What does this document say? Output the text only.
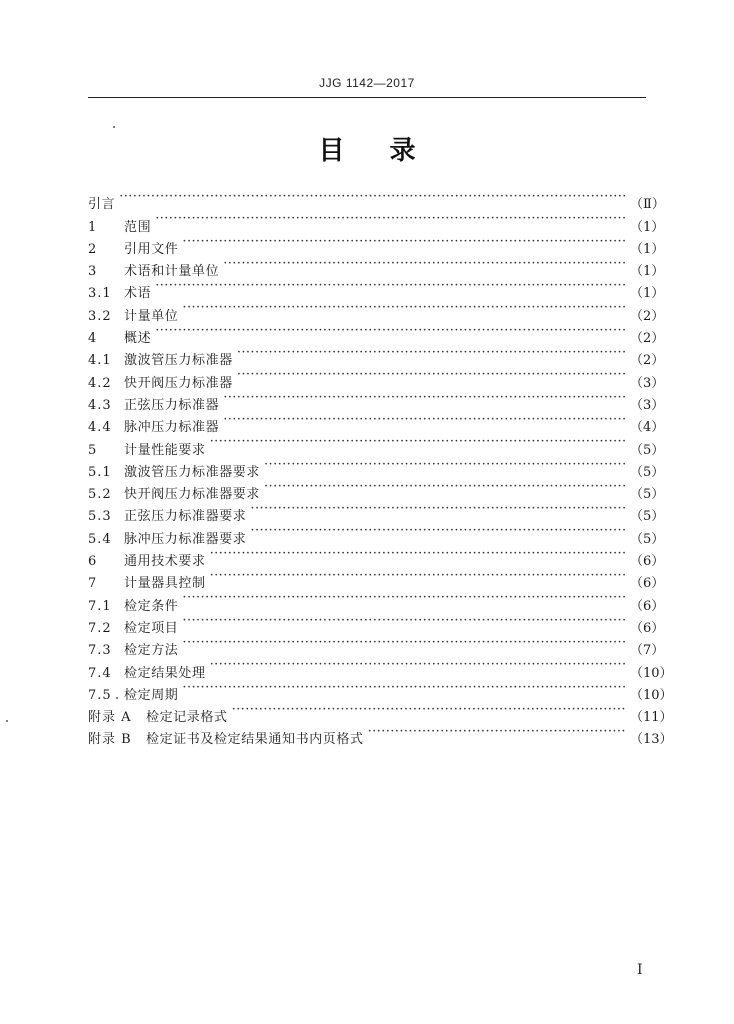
JJG 1142—2017
目 录
引言 ·····	（Ⅱ）
1	范围 ·····	（1）
2	引用文件 ·····	（1）
3	术语和计量单位 ·····	（1）
3.1 术语 ·····	（1）
3.2 计量单位 ·····	（2）
4	概述 ·····	（2）
4.1 激波管压力标准器 ·····	（2）
4.2 快开阀压力标准器 ·····	（3）
4.3 正弦压力标准器 ·····	（3）
4.4 脉冲压力标准器 ·····	（4）
5	计量性能要求 ·····	（5）
5.1 激波管压力标准器要求 ·····	（5）
5.2 快开阀压力标准器要求 ·····	（5）
5.3 正弦压力标准器要求 ·····	（5）
5.4 脉冲压力标准器要求 ·····	（5）
6	通用技术要求 ·····	（6）
7	计量器具控制 ·····	（6）
7.1 检定条件 ·····	（6）
7.2 检定项目 ·····	（6）
7.3 检定方法 ·····	（7）
7.4 检定结果处理 ·····	（10）
7.5 检定周期 ·····	（10）
附录 A	检定记录格式 ·····	（11）
附录 B	检定证书及检定结果通知书内页格式 ·····	（13）
I
